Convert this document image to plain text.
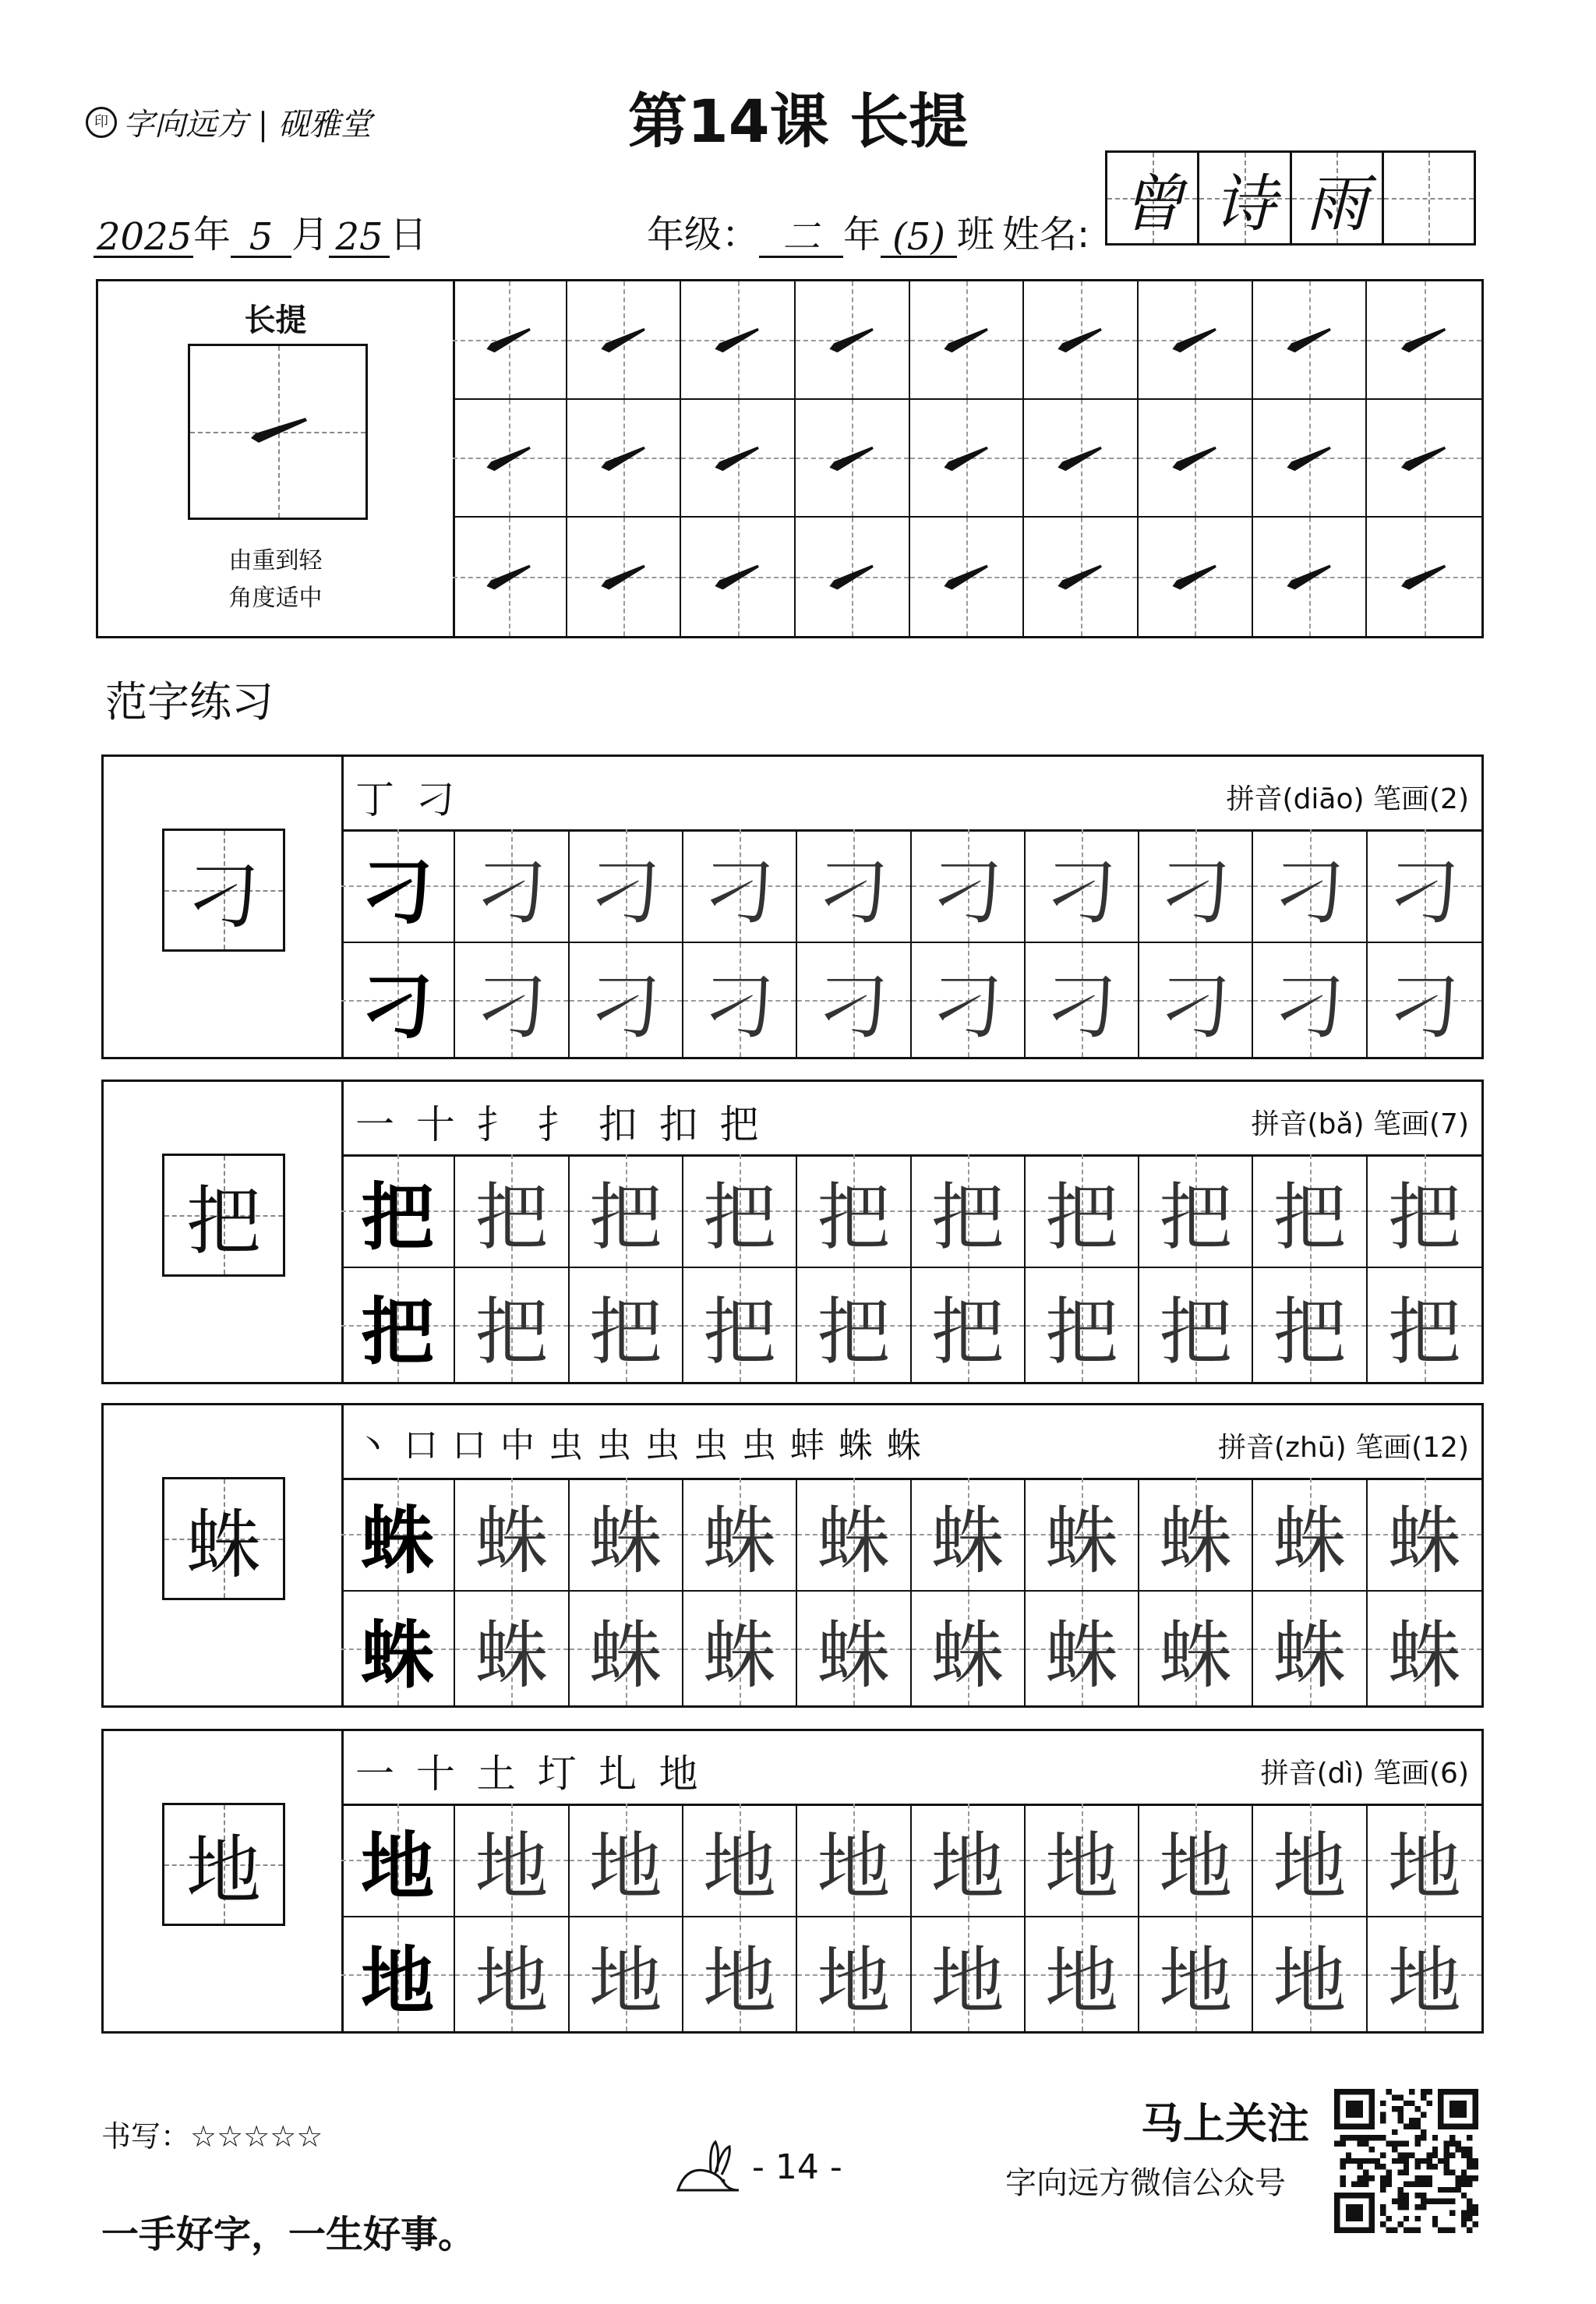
印 字向远方 | 砚雅堂	第14课 长提
2025 年 5 月 25 日	年级： 二 年 (5) 班 姓名: 曾 诗 雨
长提
由重到轻
角度适中
范字练习
刁
丁 刁	拼音(diāo) 笔画(2)
刁 刁 刁 刁 刁 刁 刁 刁 刁 刁
刁 刁 刁 刁 刁 刁 刁 刁 刁 刁
把
一 十 扌 扌 扣 扣 把	拼音(bǎ) 笔画(7)
把 把 把 把 把 把 把 把 把 把
把 把 把 把 把 把 把 把 把 把
蛛
丶 口 口 中 虫 虫 虫 虫 虫 蚌 蛛 蛛	拼音(zhū) 笔画(12)
蛛 蛛 蛛 蛛 蛛 蛛 蛛 蛛 蛛 蛛
蛛 蛛 蛛 蛛 蛛 蛛 蛛 蛛 蛛 蛛
地
一 十 土 圢 圠 地	拼音(dì) 笔画(6)
地 地 地 地 地 地 地 地 地 地
地 地 地 地 地 地 地 地 地 地
书写：☆☆☆☆☆
一手好字，一生好事。
- 14 -
马上关注
字向远方微信公众号
